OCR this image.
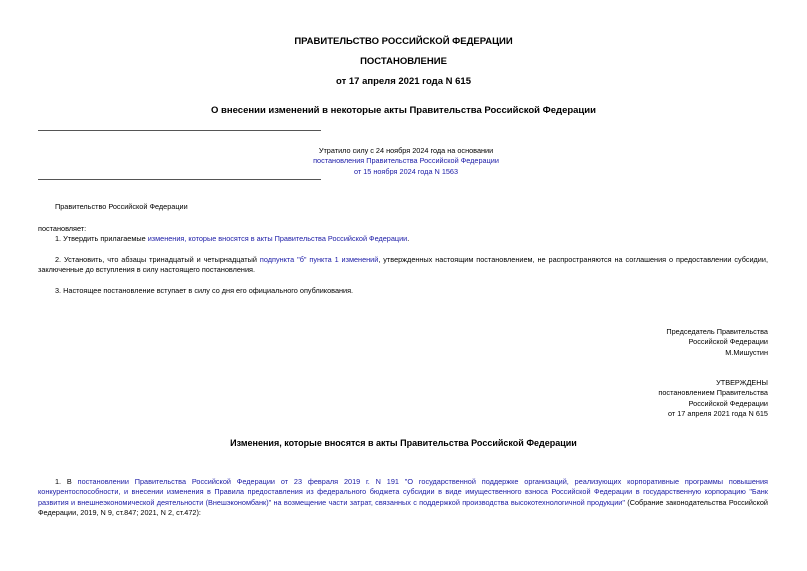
ПРАВИТЕЛЬСТВО РОССИЙСКОЙ ФЕДЕРАЦИИ
ПОСТАНОВЛЕНИЕ
от 17 апреля 2021 года N 615
О внесении изменений в некоторые акты Правительства Российской Федерации
Утратило силу с 24 ноября 2024 года на основании
постановления Правительства Российской Федерации
от 15 ноября 2024 года N 1563
Правительство Российской Федерации
постановляет:

1. Утвердить прилагаемые изменения, которые вносятся в акты Правительства Российской Федерации.

2. Установить, что абзацы тринадцатый и четырнадцатый подпункта "б" пункта 1 изменений, утвержденных настоящим постановлением, не распространяются на соглашения о предоставлении субсидии, заключенные до вступления в силу настоящего постановления.

3. Настоящее постановление вступает в силу со дня его официального опубликования.

Председатель Правительства
Российской Федерации
М.Мишустин
УТВЕРЖДЕНЫ
постановлением Правительства
Российской Федерации
от 17 апреля 2021 года N 615
Изменения, которые вносятся в акты Правительства Российской Федерации

1. В постановлении Правительства Российской Федерации от 23 февраля 2019 г. N 191 "О государственной поддержке организаций, реализующих корпоративные программы повышения конкурентоспособности, и внесении изменения в Правила предоставления из федерального бюджета субсидии в виде имущественного взноса Российской Федерации в государственную корпорацию "Банк развития и внешнеэкономической деятельности (Внешэкономбанк)" на возмещение части затрат, связанных с поддержкой производства высокотехнологичной продукции" (Собрание законодательства Российской Федерации, 2019, N 9, ст.847; 2021, N 2, ст.472):
